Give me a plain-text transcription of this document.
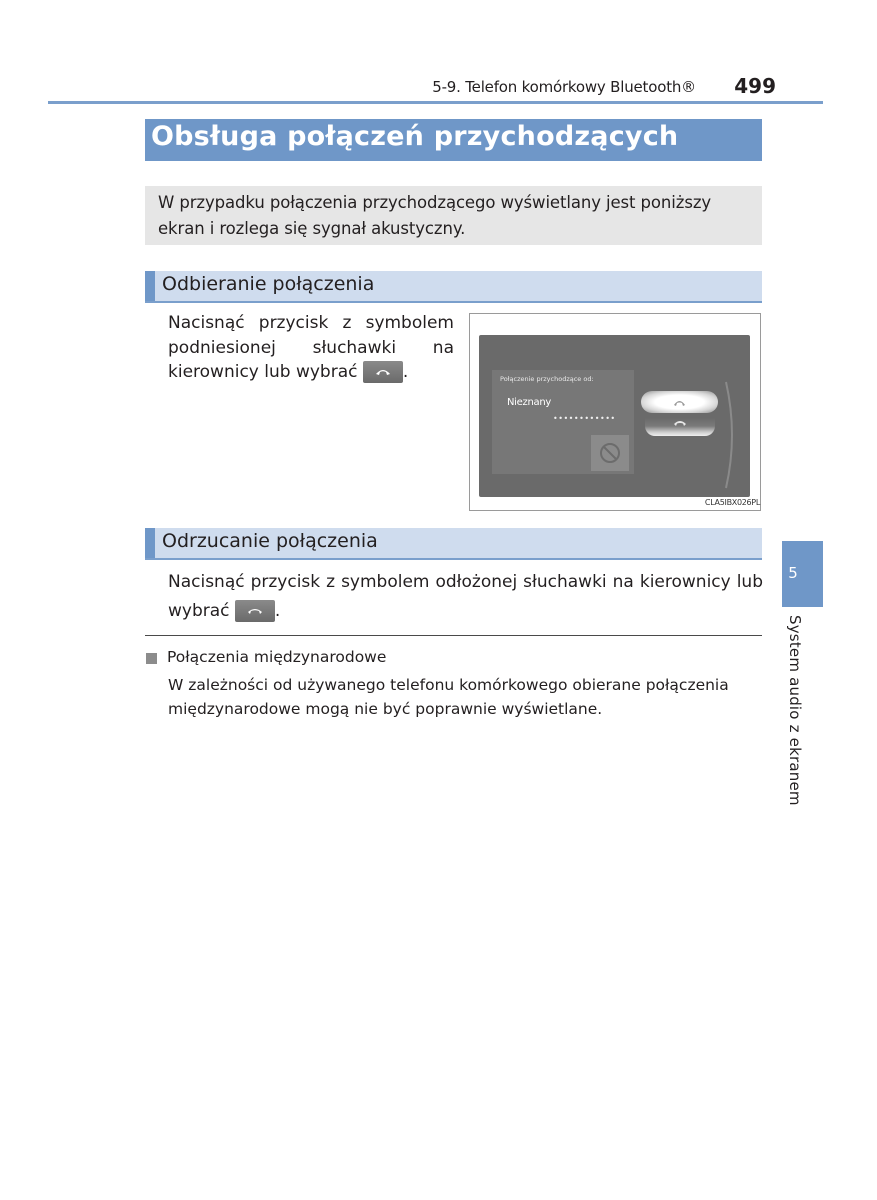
5-9. Telefon komórkowy Bluetooth®	499
Obsługa połączeń przychodzących
W przypadku połączenia przychodzącego wyświetlany jest poniższy ekran i rozlega się sygnał akustyczny.
Odbieranie połączenia
Nacisnąć przycisk z symbolem podniesionej słuchawki na kierownicy lub wybrać	.	Połączenie przychodzące od:
Nieznany
••••••••••••
CLA5IBX026PL
Odrzucanie połączenia
Nacisnąć przycisk z symbolem odłożonej słuchawki na kierownicy lub wybrać	.
Połączenia międzynarodowe
W zależności od używanego telefonu komórkowego obierane połączenia międzynarodowe mogą nie być poprawnie wyświetlane.
5
System audio z ekranem
